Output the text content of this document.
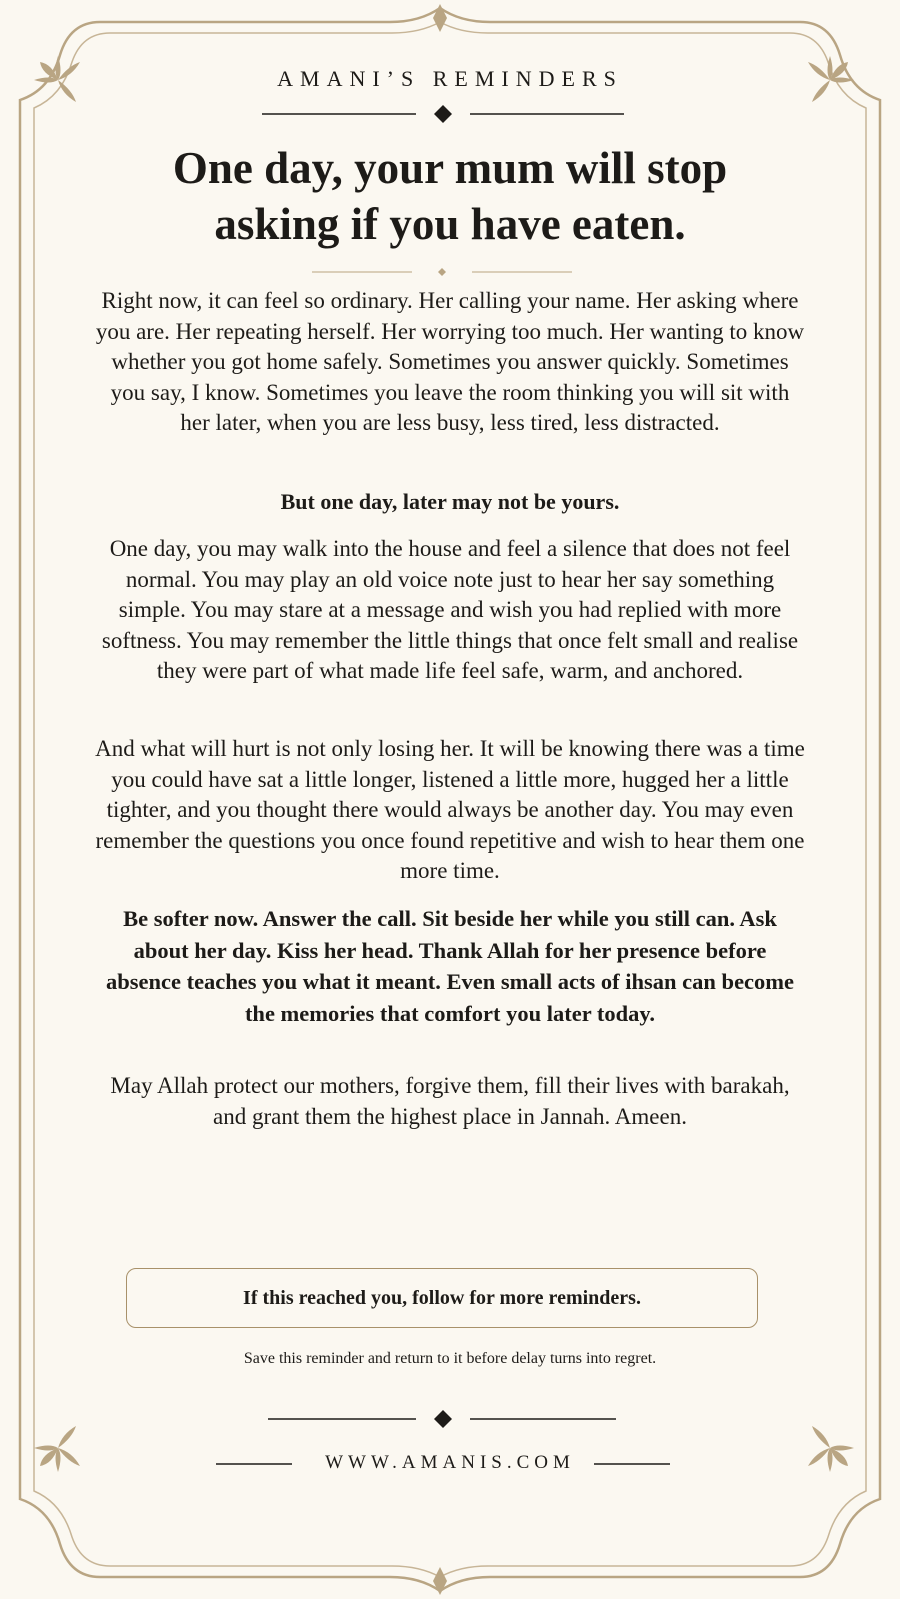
AMANI’S REMINDERS
One day, your mum will stop asking if you have eaten.
Right now, it can feel so ordinary. Her calling your name. Her asking where you are. Her repeating herself. Her worrying too much. Her wanting to know whether you got home safely. Sometimes you answer quickly. Sometimes you say, I know. Sometimes you leave the room thinking you will sit with her later, when you are less busy, less tired, less distracted.
But one day, later may not be yours.
One day, you may walk into the house and feel a silence that does not feel normal. You may play an old voice note just to hear her say something simple. You may stare at a message and wish you had replied with more softness. You may remember the little things that once felt small and realise they were part of what made life feel safe, warm, and anchored.
And what will hurt is not only losing her. It will be knowing there was a time you could have sat a little longer, listened a little more, hugged her a little tighter, and you thought there would always be another day. You may even remember the questions you once found repetitive and wish to hear them one more time.
Be softer now. Answer the call. Sit beside her while you still can. Ask about her day. Kiss her head. Thank Allah for her presence before absence teaches you what it meant. Even small acts of ihsan can become the memories that comfort you later today.
May Allah protect our mothers, forgive them, fill their lives with barakah, and grant them the highest place in Jannah. Ameen.
If this reached you, follow for more reminders.
Save this reminder and return to it before delay turns into regret.
WWW.AMANIS.COM
